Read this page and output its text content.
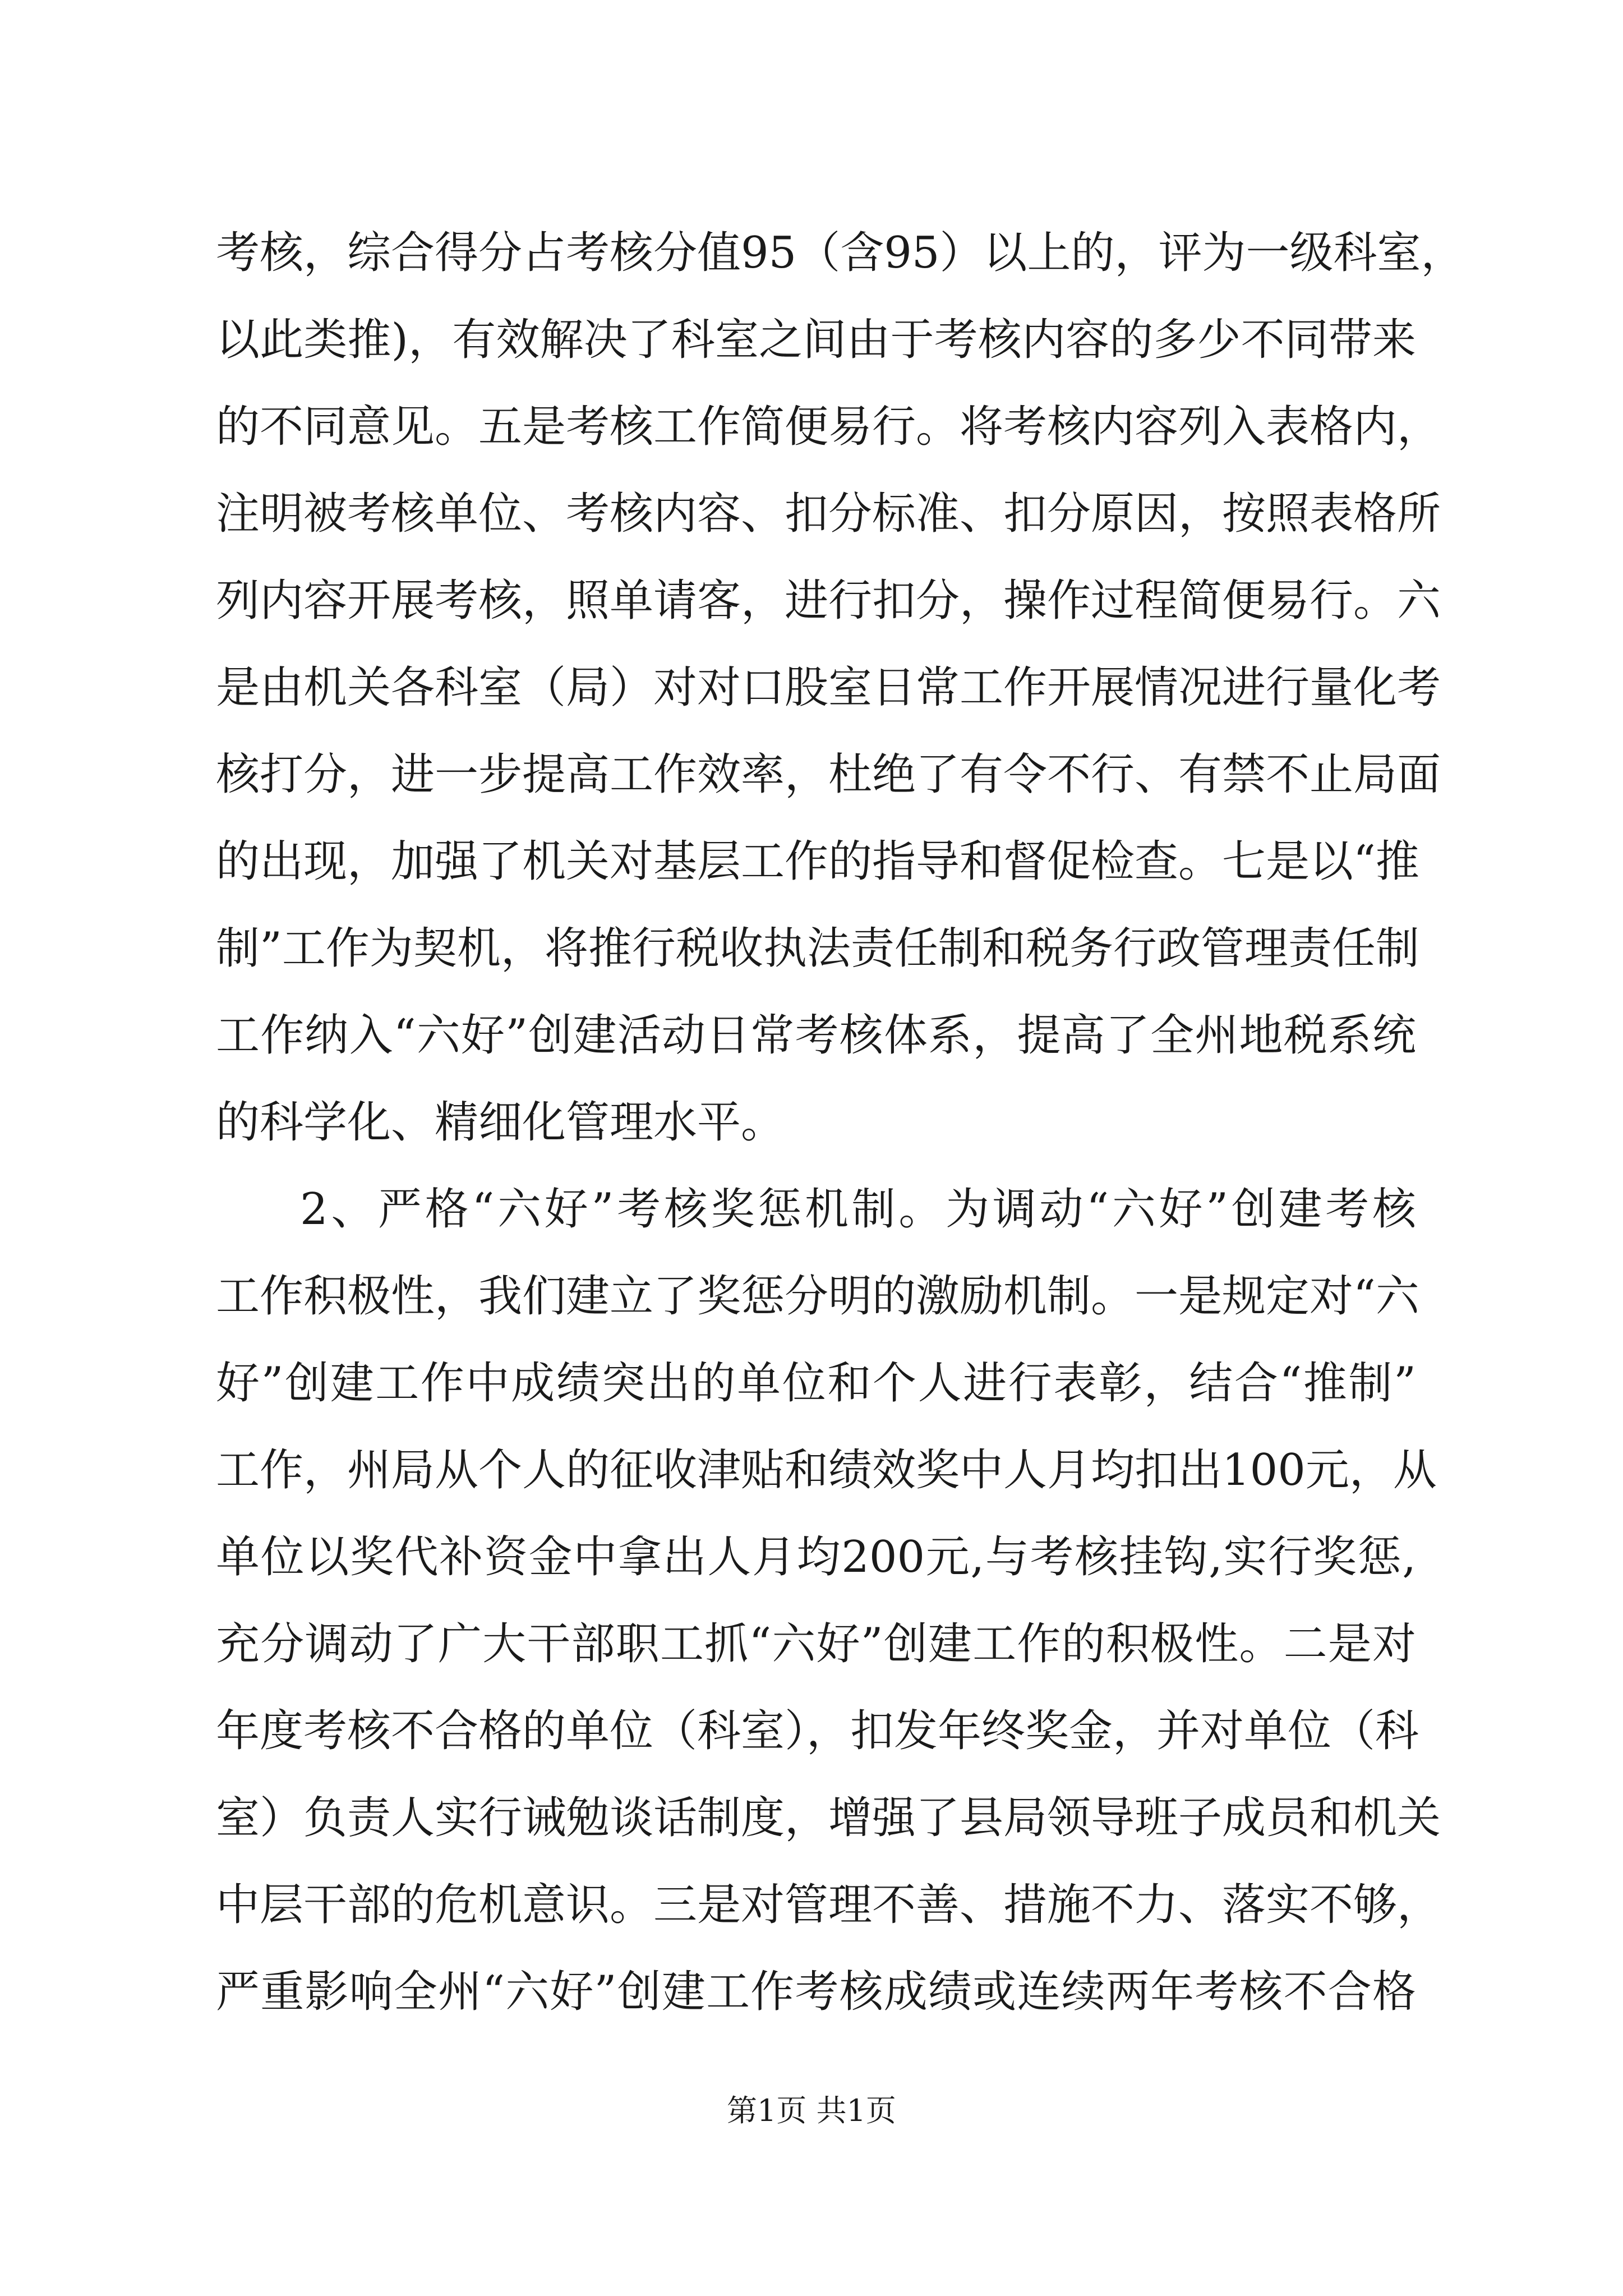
考核，综合得分占考核分值95（含95）以上的，评为一级科室，
以此类推)，有效解决了科室之间由于考核内容的多少不同带来
的不同意见。五是考核工作简便易行。将考核内容列入表格内，
注明被考核单位、考核内容、扣分标准、扣分原因，按照表格所
列内容开展考核，照单请客，进行扣分，操作过程简便易行。六
是由机关各科室（局）对对口股室日常工作开展情况进行量化考
核打分，进一步提高工作效率，杜绝了有令不行、有禁不止局面
的出现，加强了机关对基层工作的指导和督促检查。七是以“推
制”工作为契机，将推行税收执法责任制和税务行政管理责任制
工作纳入“六好”创建活动日常考核体系，提高了全州地税系统
的科学化、精细化管理水平。
2、严格“六好”考核奖惩机制。为调动“六好”创建考核
工作积极性，我们建立了奖惩分明的激励机制。一是规定对“六
好”创建工作中成绩突出的单位和个人进行表彰，结合“推制”
工作，州局从个人的征收津贴和绩效奖中人月均扣出100元，从
单位以奖代补资金中拿出人月均200元,与考核挂钩,实行奖惩,
充分调动了广大干部职工抓“六好”创建工作的积极性。二是对
年度考核不合格的单位（科室），扣发年终奖金，并对单位（科
室）负责人实行诫勉谈话制度，增强了县局领导班子成员和机关
中层干部的危机意识。三是对管理不善、措施不力、落实不够，
严重影响全州“六好”创建工作考核成绩或连续两年考核不合格
第1页 共1页
